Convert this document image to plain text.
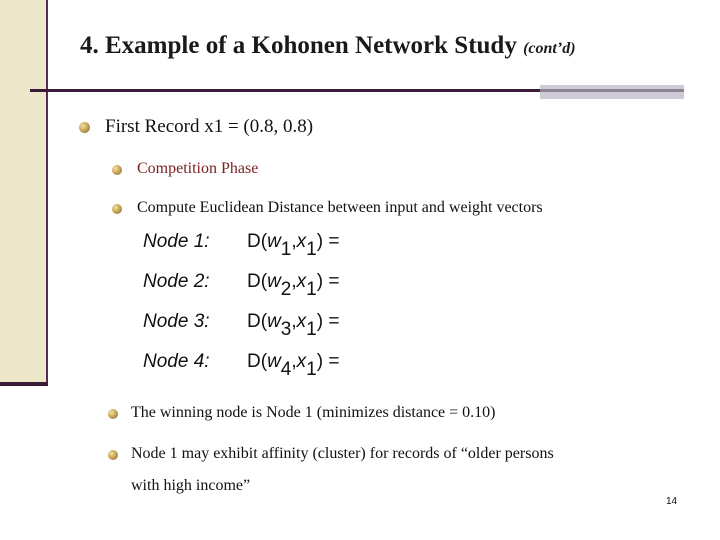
4. Example of a Kohonen Network Study (cont’d)
First Record x1 = (0.8, 0.8)
Competition Phase
Compute Euclidean Distance between input and weight vectors
Node 1: $D(w_1,x_1)$ =
Node 2: $D(w_2,x_1)$ =
Node 3: $D(w_3,x_1)$ =
Node 4: $D(w_4,x_1)$ =
The winning node is Node 1 (minimizes distance = 0.10)
Node 1 may exhibit affinity (cluster) for records of “older persons
with high income”
14
